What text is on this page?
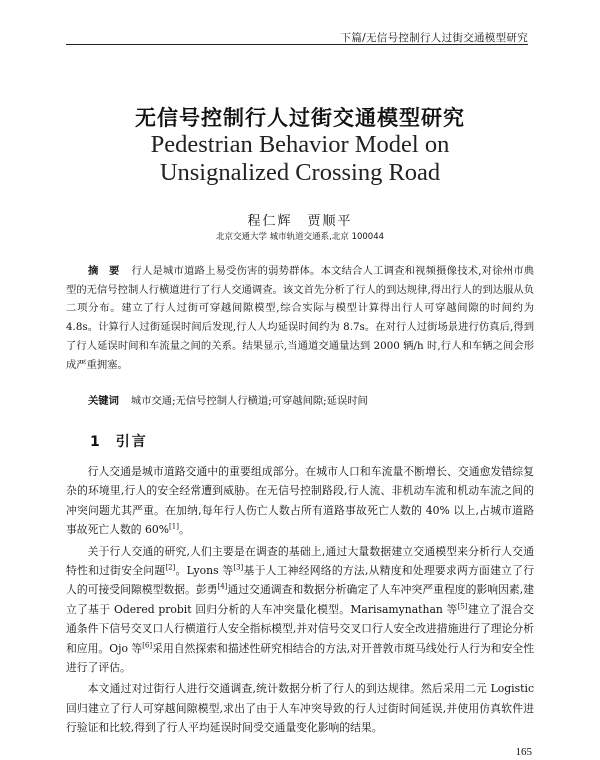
下篇/无信号控制行人过街交通模型研究
无信号控制行人过街交通模型研究
Pedestrian Behavior Model on
Unsignalized Crossing Road
程仁辉　贾顺平
北京交通大学 城市轨道交通系,北京 100044
摘　要 行人是城市道路上易受伤害的弱势群体。本文结合人工调查和视频摄像技术,对徐州市典型的无信号控制人行横道进行了行人交通调查。该文首先分析了行人的到达规律,得出行人的到达服从负二项分布。建立了行人过街可穿越间隙模型,综合实际与模型计算得出行人可穿越间隙的时间约为 4.8s。计算行人过街延误时间后发现,行人人均延误时间约为 8.7s。在对行人过街场景进行仿真后,得到了行人延误时间和车流量之间的关系。结果显示,当通道交通量达到 2000 辆/h 时,行人和车辆之间会形成严重拥塞。
关键词 城市交通;无信号控制人行横道;可穿越间隙;延误时间
1 引言

行人交通是城市道路交通中的重要组成部分。在城市人口和车流量不断增长、交通愈发错综复杂的环境里,行人的安全经常遭到威胁。在无信号控制路段,行人流、非机动车流和机动车流之间的冲突问题尤其严重。在加纳,每年行人伤亡人数占所有道路事故死亡人数的 40% 以上,占城市道路事故死亡人数的 60%[1]。

关于行人交通的研究,人们主要是在调查的基础上,通过大量数据建立交通模型来分析行人交通特性和过街安全问题[2]。Lyons 等[3]基于人工神经网络的方法,从精度和处理要求两方面建立了行人的可接受间隙模型数据。彭勇[4]通过交通调查和数据分析确定了人车冲突严重程度的影响因素,建立了基于 Odered probit 回归分析的人车冲突量化模型。Marisamynathan 等[5]建立了混合交通条件下信号交叉口人行横道行人安全指标模型,并对信号交叉口行人安全改进措施进行了理论分析和应用。Ojo 等[6]采用自然探索和描述性研究相结合的方法,对开普敦市斑马线处行人行为和安全性进行了评估。

本文通过对过街行人进行交通调查,统计数据分析了行人的到达规律。然后采用二元 Logistic 回归建立了行人可穿越间隙模型,求出了由于人车冲突导致的行人过街时间延误,并使用仿真软件进行验证和比较,得到了行人平均延误时间受交通量变化影响的结果。

165
